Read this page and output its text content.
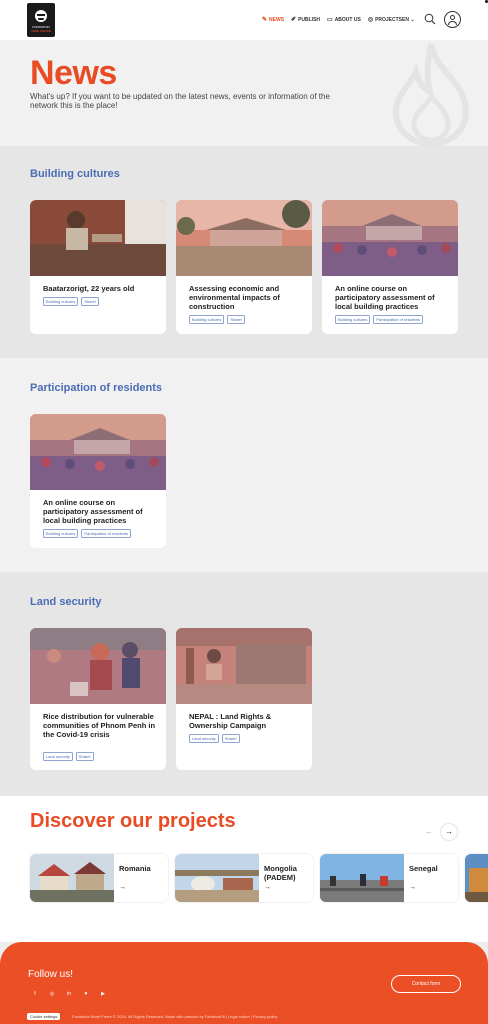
FONDATION
ABBÉ PIERRE
✎ NEWS ✐ PUBLISH ▭ ABOUT US ◎ PROJECTS EN ⌄
News
What's up? If you want to be updated on the latest news, events or information of the network this is the place!
Building cultures
Baatarzorigt, 22 years old
Building cultures	Share!
Assessing economic and environmental impacts of construction
Building cultures	Share!
An online course on participatory assessment of local building practices
Building cultures	Participation of residents
Participation of residents
An online course on participatory assessment of local building practices
Building cultures	Participation of residents
Land security
Rice distribution for vulnerable communities of Phnom Penh in the Covid-19 crisis
Land security	Share!
NEPAL : Land Rights & Ownership Campaign
Land security	Share!
Discover our projects	←	→
Romania
→
Mongolia (PADEM)
→
Senegal
→
Follow us!
f	◎	in	♥	▶
Contact form
Cookie settings	Fondation Abbé Pierre © 2024. All Rights Reserved. Made with passion by Fabbrica09 | Legal notice | Privacy policy
